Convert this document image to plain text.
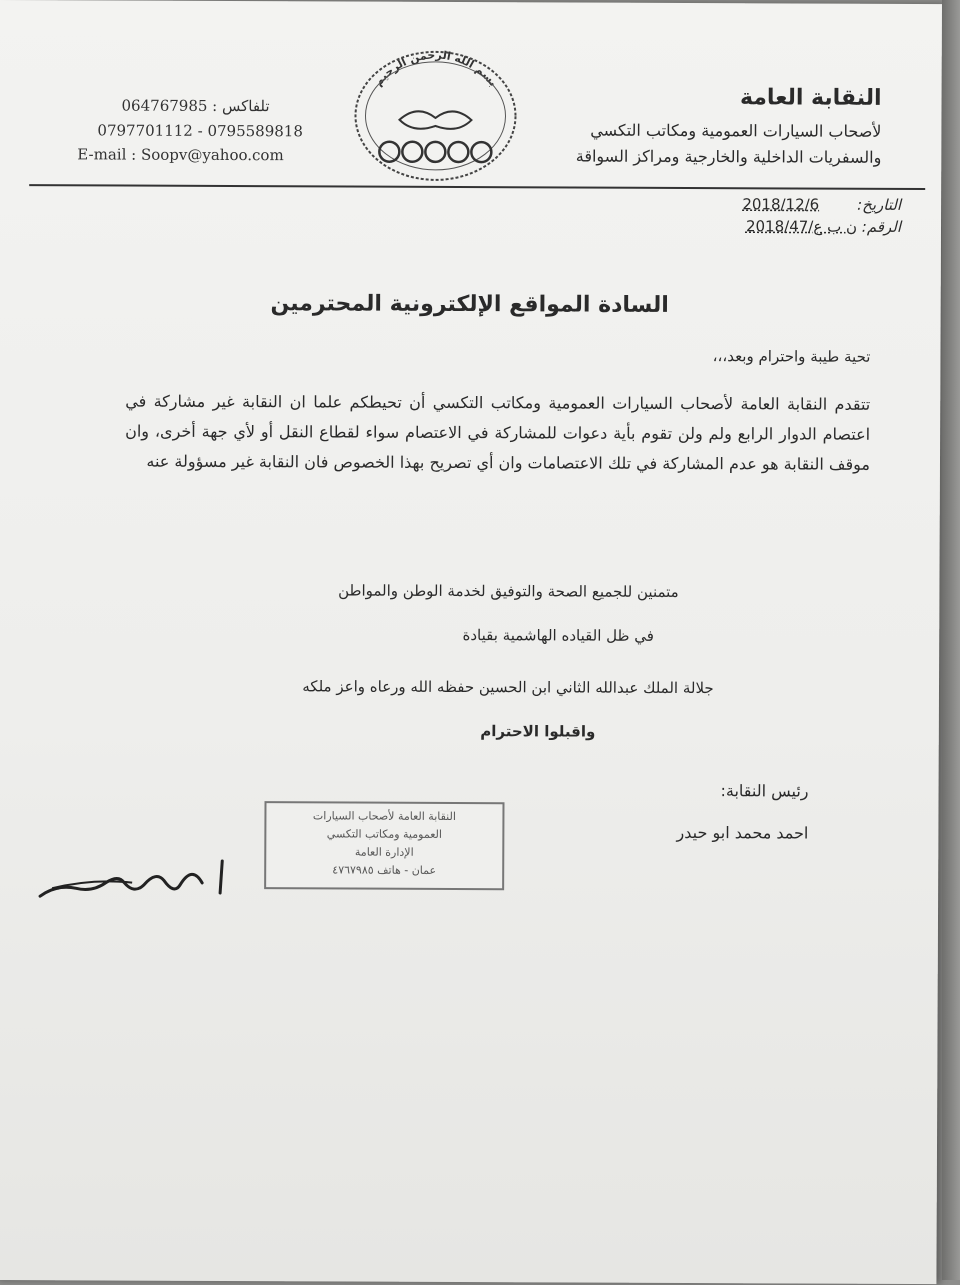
النقابة العامة
لأصحاب السيارات العمومية ومكاتب التكسي
والسفريات الداخلية والخارجية ومراكز السواقة
بسم الله الرحمن الرحيم
064767985 : تلفاكس
0797701112 - 0795589818
E-mail : Soopv@yahoo.com
التاريخ: 2018/12/6
الرقم: ن ب ع/2018/47
السادة المواقع الإلكترونية المحترمين
تحية طيبة واحترام وبعد،،،
تتقدم النقابة العامة لأصحاب السيارات العمومية ومكاتب التكسي أن تحيطكم علما ان النقابة غير مشاركة في اعتصام الدوار الرابع ولم ولن تقوم بأية دعوات للمشاركة في الاعتصام سواء لقطاع النقل أو لأي جهة أخرى، وان موقف النقابة هو عدم المشاركة في تلك الاعتصامات وان أي تصريح بهذا الخصوص فان النقابة غير مسؤولة عنه
متمنين للجميع الصحة والتوفيق لخدمة الوطن والمواطن
في ظل القياده الهاشمية بقيادة
جلالة الملك عبدالله الثاني ابن الحسين حفظه الله ورعاه واعز ملكه
واقبلوا الاحترام
رئيس النقابة:
احمد محمد ابو حيدر
النقابة العامة لأصحاب السيارات
العمومية ومكاتب التكسي
الإدارة العامة
عمان - هاتف ٤٧٦٧٩٨٥
